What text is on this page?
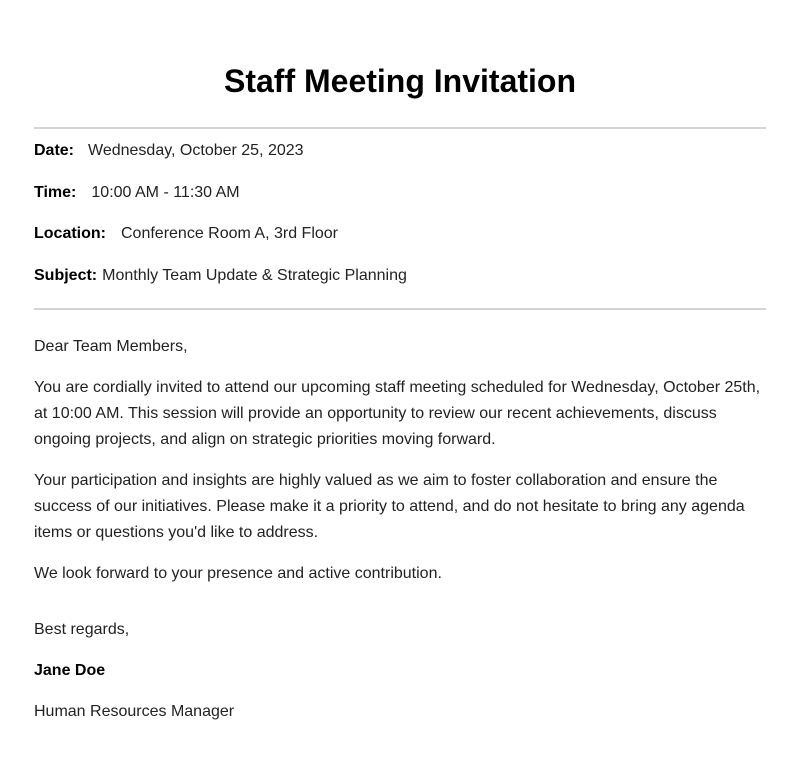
Staff Meeting Invitation
Date: Wednesday, October 25, 2023
Time: 10:00 AM - 11:30 AM
Location: Conference Room A, 3rd Floor
Subject: Monthly Team Update & Strategic Planning

Dear Team Members,

You are cordially invited to attend our upcoming staff meeting scheduled for Wednesday, October 25th, at 10:00 AM. This session will provide an opportunity to review our recent achievements, discuss ongoing projects, and align on strategic priorities moving forward.

Your participation and insights are highly valued as we aim to foster collaboration and ensure the success of our initiatives. Please make it a priority to attend, and do not hesitate to bring any agenda items or questions you'd like to address.

We look forward to your presence and active contribution.

Best regards,

Jane Doe

Human Resources Manager
